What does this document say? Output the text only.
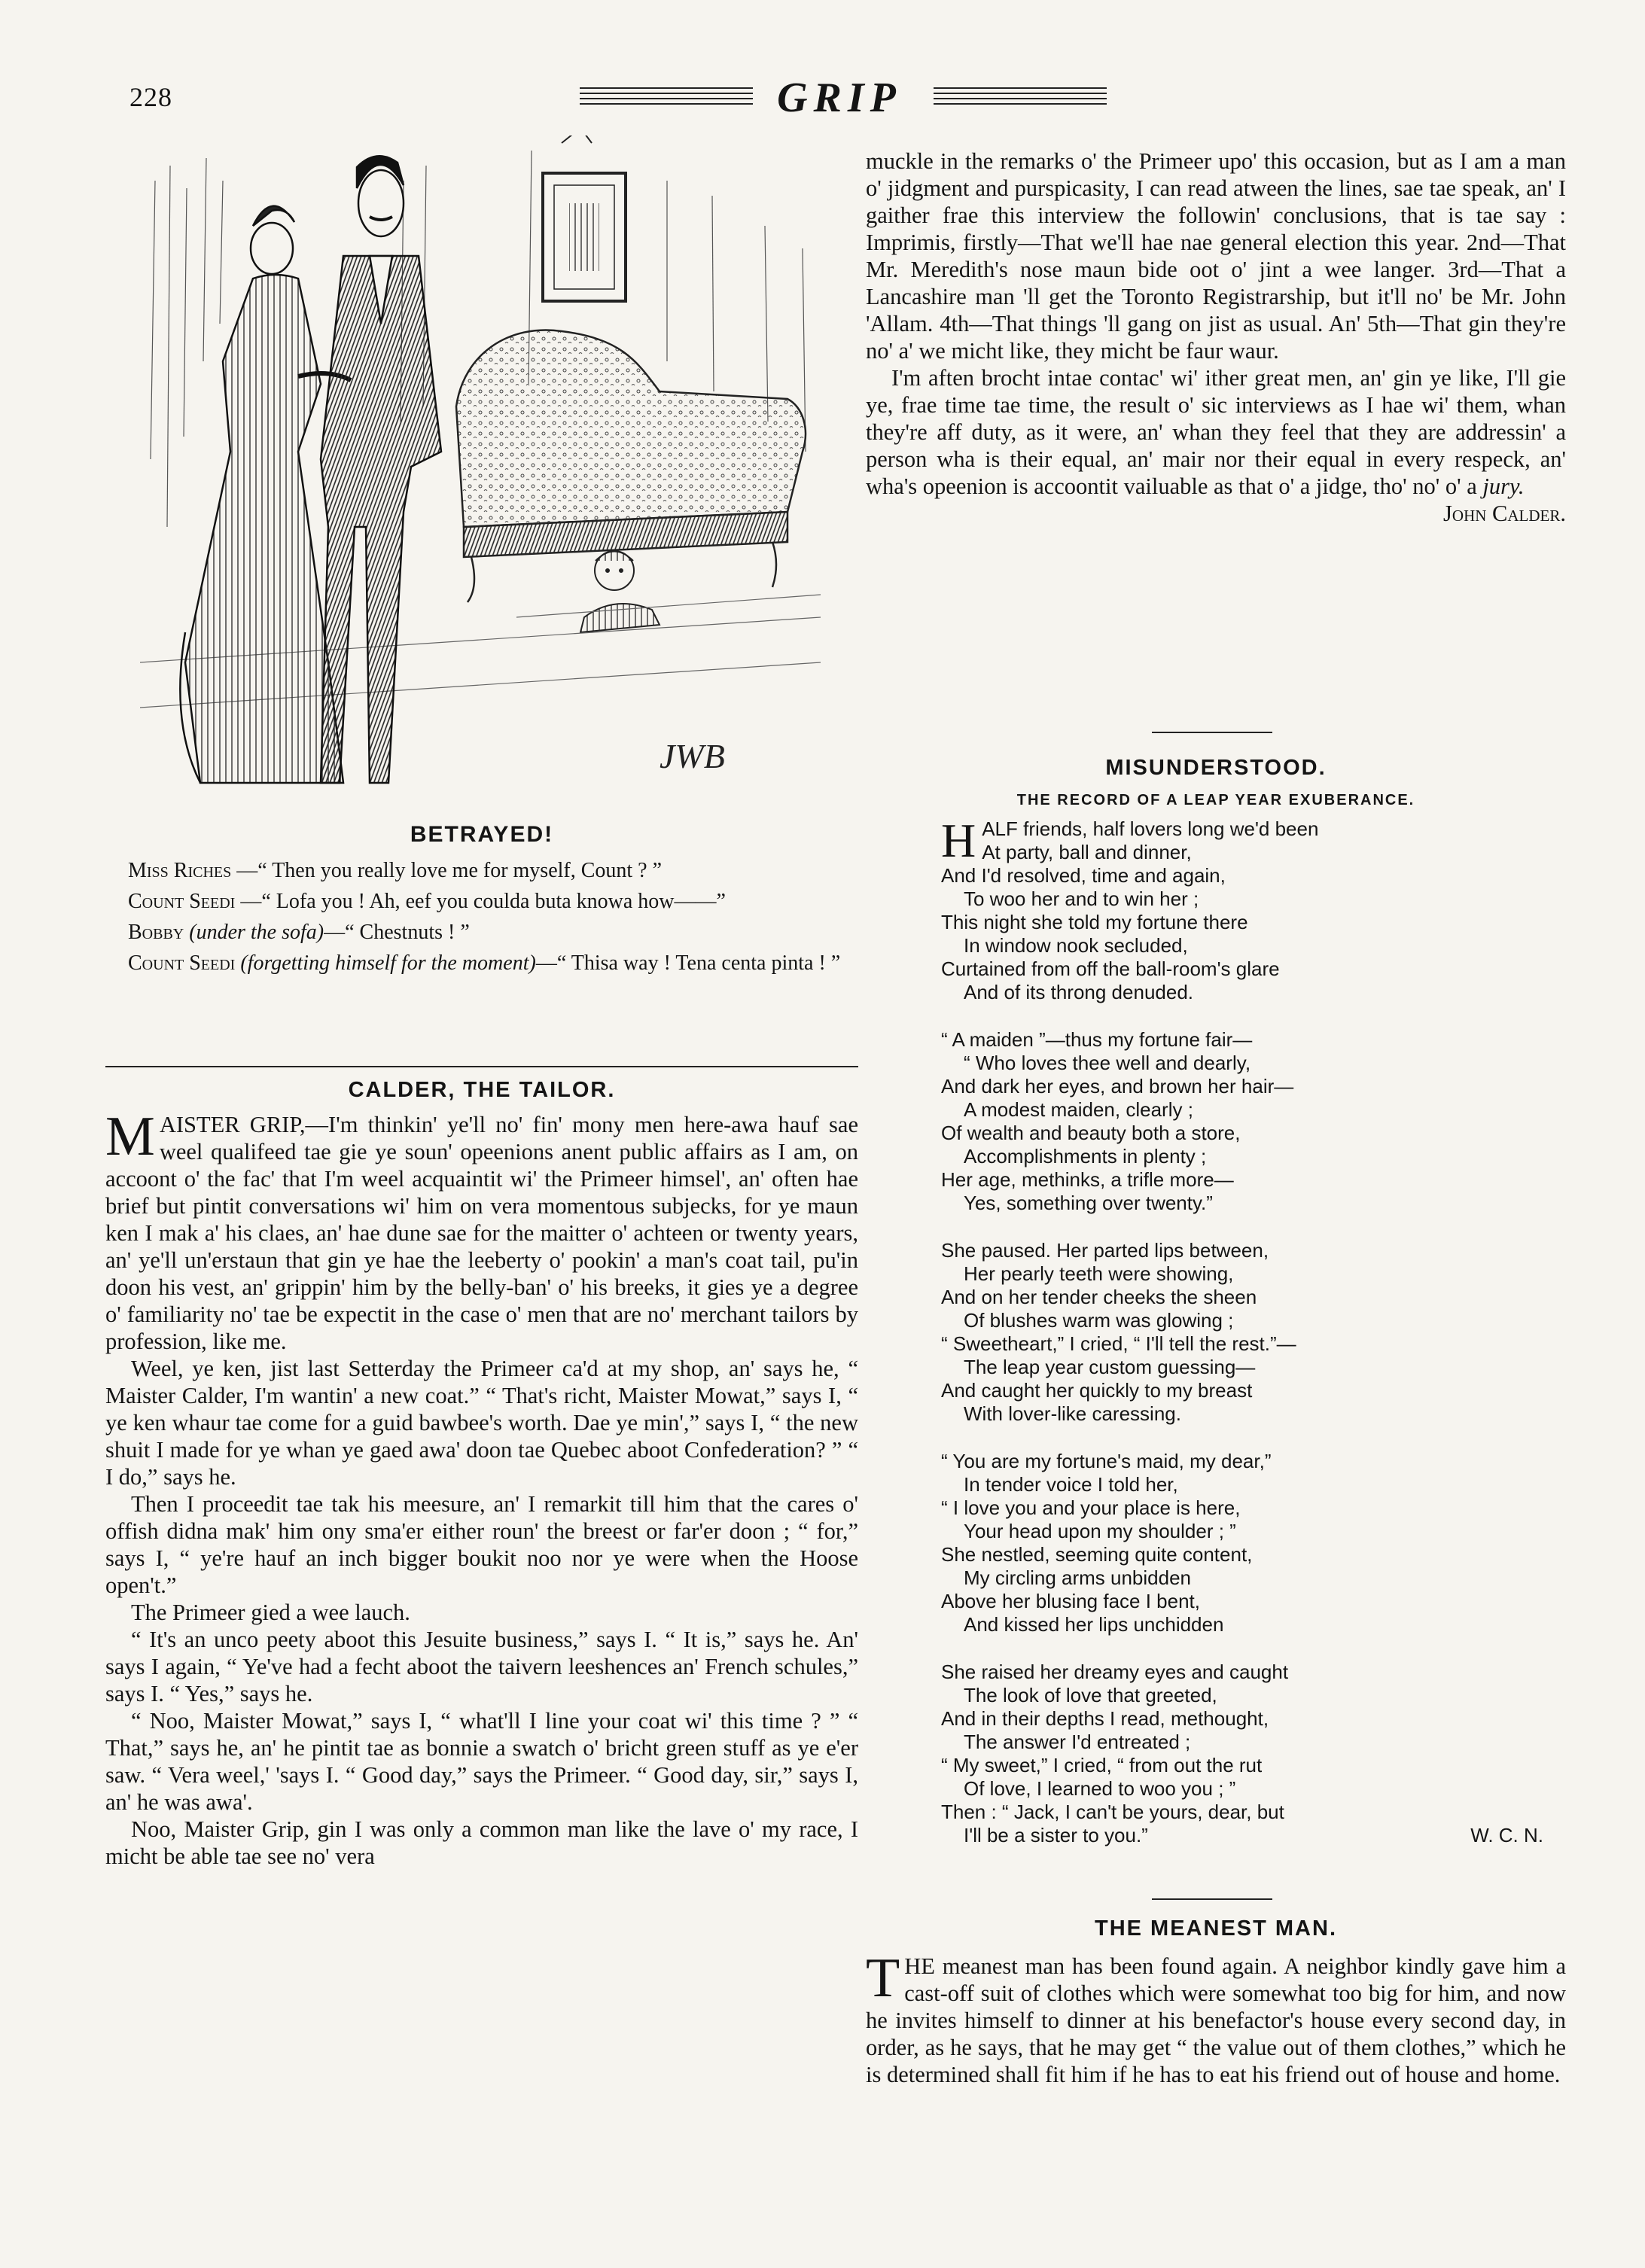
228	GRIP
JWB
BETRAYED!

Miss Riches —“ Then you really love me for myself, Count ? ”

Count Seedi —“ Lofa you ! Ah, eef you coulda buta knowa how——”

Bobby (under the sofa)—“ Chestnuts ! ”

Count Seedi (forgetting himself for the moment)—“ Thisa way ! Tena centa pinta ! ”

CALDER, THE TAILOR.

MAISTER GRIP,—I'm thinkin' ye'll no' fin' mony men here-awa hauf sae weel qualifeed tae gie ye soun' opeenions anent public affairs as I am, on accoont o' the fac' that I'm weel acquaintit wi' the Primeer himsel', an' often hae brief but pintit conversations wi' him on vera momentous subjecks, for ye maun ken I mak a' his claes, an' hae dune sae for the maitter o' achteen or twenty years, an' ye'll un'erstaun that gin ye hae the leeberty o' pookin' a man's coat tail, pu'in doon his vest, an' grippin' him by the belly-ban' o' his breeks, it gies ye a degree o' familiarity no' tae be expectit in the case o' men that are no' merchant tailors by profession, like me.

Weel, ye ken, jist last Setterday the Primeer ca'd at my shop, an' says he, “ Maister Calder, I'm wantin' a new coat.” “ That's richt, Maister Mowat,” says I, “ ye ken whaur tae come for a guid bawbee's worth. Dae ye min',” says I, “ the new shuit I made for ye whan ye gaed awa' doon tae Quebec aboot Confederation? ” “ I do,” says he.

Then I proceedit tae tak his meesure, an' I remarkit till him that the cares o' offish didna mak' him ony sma'er either roun' the breest or far'er doon ; “ for,” says I, “ ye're hauf an inch bigger boukit noo nor ye were when the Hoose open't.”

The Primeer gied a wee lauch.

“ It's an unco peety aboot this Jesuite business,” says I. “ It is,” says he. An' says I again, “ Ye've had a fecht aboot the taivern leeshences an' French schules,” says I. “ Yes,” says he.

“ Noo, Maister Mowat,” says I, “ what'll I line your coat wi' this time ? ” “ That,” says he, an' he pintit tae as bonnie a swatch o' bricht green stuff as ye e'er saw. “ Vera weel,' 'says I. “ Good day,” says the Primeer. “ Good day, sir,” says I, an' he was awa'.

Noo, Maister Grip, gin I was only a common man like the lave o' my race, I micht be able tae see no' vera

muckle in the remarks o' the Primeer upo' this occasion, but as I am a man o' jidgment and purspicasity, I can read atween the lines, sae tae speak, an' I gaither frae this interview the followin' conclusions, that is tae say : Imprimis, firstly—That we'll hae nae general election this year. 2nd—That Mr. Meredith's nose maun bide oot o' jint a wee langer. 3rd—That a Lancashire man 'll get the Toronto Registrarship, but it'll no' be Mr. John 'Allam. 4th—That things 'll gang on jist as usual. An' 5th—That gin they're no' a' we micht like, they micht be faur waur.

I'm aften brocht intae contac' wi' ither great men, an' gin ye like, I'll gie ye, frae time tae time, the result o' sic interviews as I hae wi' them, whan they're aff duty, as it were, an' whan they feel that they are addressin' a person wha is their equal, an' mair nor their equal in every respeck, an' wha's opeenion is accoontit vailuable as that o' a jidge, tho' no' o' a jury.

John Calder.

MISUNDERSTOOD.
THE RECORD OF A LEAP YEAR EXUBERANCE.
HALF friends, half lovers long we'd been
At party, ball and dinner,
And I'd resolved, time and again,
To woo her and to win her ;
This night she told my fortune there
In window nook secluded,
Curtained from off the ball-room's glare
And of its throng denuded.
“ A maiden ”—thus my fortune fair—
“ Who loves thee well and dearly,
And dark her eyes, and brown her hair—
A modest maiden, clearly ;
Of wealth and beauty both a store,
Accomplishments in plenty ;
Her age, methinks, a trifle more—
Yes, something over twenty.”
She paused. Her parted lips between,
Her pearly teeth were showing,
And on her tender cheeks the sheen
Of blushes warm was glowing ;
“ Sweetheart,” I cried, “ I'll tell the rest.”—
The leap year custom guessing—
And caught her quickly to my breast
With lover-like caressing.
“ You are my fortune's maid, my dear,”
In tender voice I told her,
“ I love you and your place is here,
Your head upon my shoulder ; ”
She nestled, seeming quite content,
My circling arms unbidden
Above her blusing face I bent,
And kissed her lips unchidden
She raised her dreamy eyes and caught
The look of love that greeted,
And in their depths I read, methought,
The answer I'd entreated ;
“ My sweet,” I cried, “ from out the rut
Of love, I learned to woo you ; ”
Then : “ Jack, I can't be yours, dear, but
I'll be a sister to you.”	W. C. N.
THE MEANEST MAN.

THE meanest man has been found again. A neighbor kindly gave him a cast-off suit of clothes which were somewhat too big for him, and now he invites himself to dinner at his benefactor's house every second day, in order, as he says, that he may get “ the value out of them clothes,” which he is determined shall fit him if he has to eat his friend out of house and home.
